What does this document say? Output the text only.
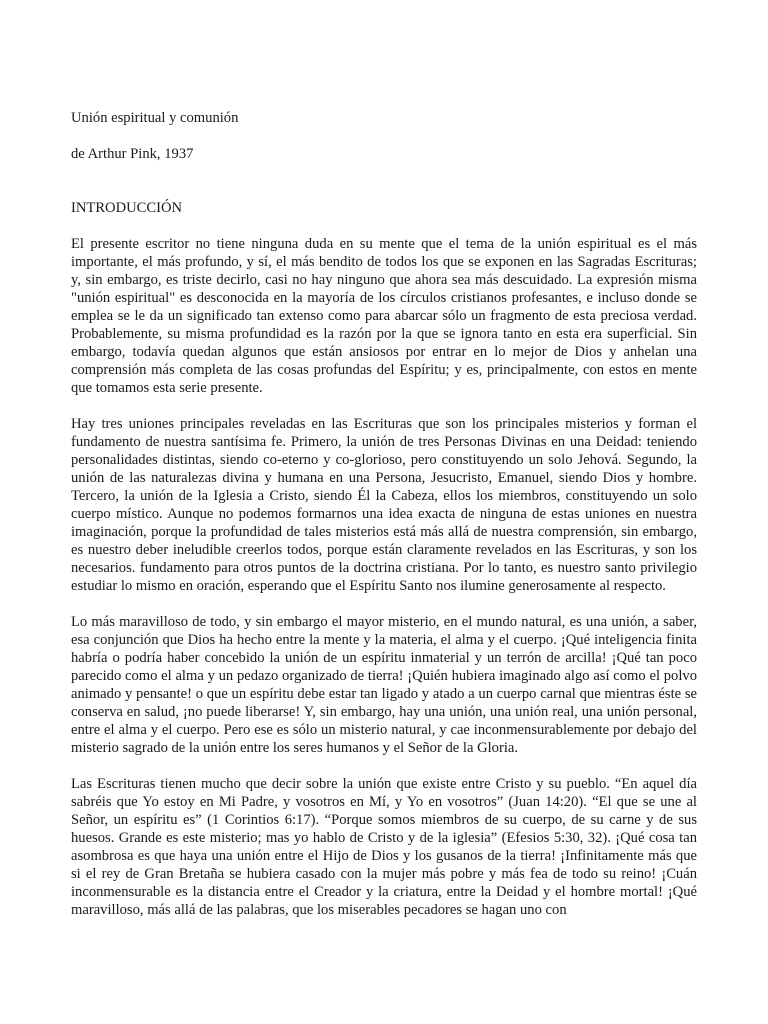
Unión espiritual y comunión

de Arthur Pink, 1937

INTRODUCCIÓN

El presente escritor no tiene ninguna duda en su mente que el tema de la unión espiritual es el más importante, el más profundo, y sí, el más bendito de todos los que se exponen en las Sagradas Escrituras; y, sin embargo, es triste decirlo, casi no hay ninguno que ahora sea más descuidado. La expresión misma "unión espiritual" es desconocida en la mayoría de los círculos cristianos profesantes, e incluso donde se emplea se le da un significado tan extenso como para abarcar sólo un fragmento de esta preciosa verdad. Probablemente, su misma profundidad es la razón por la que se ignora tanto en esta era superficial. Sin embargo, todavía quedan algunos que están ansiosos por entrar en lo mejor de Dios y anhelan una comprensión más completa de las cosas profundas del Espíritu; y es, principalmente, con estos en mente que tomamos esta serie presente.

Hay tres uniones principales reveladas en las Escrituras que son los principales misterios y forman el fundamento de nuestra santísima fe. Primero, la unión de tres Personas Divinas en una Deidad: teniendo personalidades distintas, siendo co-eterno y co-glorioso, pero constituyendo un solo Jehová. Segundo, la unión de las naturalezas divina y humana en una Persona, Jesucristo, Emanuel, siendo Dios y hombre. Tercero, la unión de la Iglesia a Cristo, siendo Él la Cabeza, ellos los miembros, constituyendo un solo cuerpo místico. Aunque no podemos formarnos una idea exacta de ninguna de estas uniones en nuestra imaginación, porque la profundidad de tales misterios está más allá de nuestra comprensión, sin embargo, es nuestro deber ineludible creerlos todos, porque están claramente revelados en las Escrituras, y son los necesarios. fundamento para otros puntos de la doctrina cristiana. Por lo tanto, es nuestro santo privilegio estudiar lo mismo en oración, esperando que el Espíritu Santo nos ilumine generosamente al respecto.

Lo más maravilloso de todo, y sin embargo el mayor misterio, en el mundo natural, es una unión, a saber, esa conjunción que Dios ha hecho entre la mente y la materia, el alma y el cuerpo. ¡Qué inteligencia finita habría o podría haber concebido la unión de un espíritu inmaterial y un terrón de arcilla! ¡Qué tan poco parecido como el alma y un pedazo organizado de tierra! ¡Quién hubiera imaginado algo así como el polvo animado y pensante! o que un espíritu debe estar tan ligado y atado a un cuerpo carnal que mientras éste se conserva en salud, ¡no puede liberarse! Y, sin embargo, hay una unión, una unión real, una unión personal, entre el alma y el cuerpo. Pero ese es sólo un misterio natural, y cae inconmensurablemente por debajo del misterio sagrado de la unión entre los seres humanos y el Señor de la Gloria.

Las Escrituras tienen mucho que decir sobre la unión que existe entre Cristo y su pueblo. “En aquel día sabréis que Yo estoy en Mi Padre, y vosotros en Mí, y Yo en vosotros” (Juan 14:20). “El que se une al Señor, un espíritu es” (1 Corintios 6:17). “Porque somos miembros de su cuerpo, de su carne y de sus huesos. Grande es este misterio; mas yo hablo de Cristo y de la iglesia” (Efesios 5:30, 32). ¡Qué cosa tan asombrosa es que haya una unión entre el Hijo de Dios y los gusanos de la tierra! ¡Infinitamente más que si el rey de Gran Bretaña se hubiera casado con la mujer más pobre y más fea de todo su reino! ¡Cuán inconmensurable es la distancia entre el Creador y la criatura, entre la Deidad y el hombre mortal! ¡Qué maravilloso, más allá de las palabras, que los miserables pecadores se hagan uno con
